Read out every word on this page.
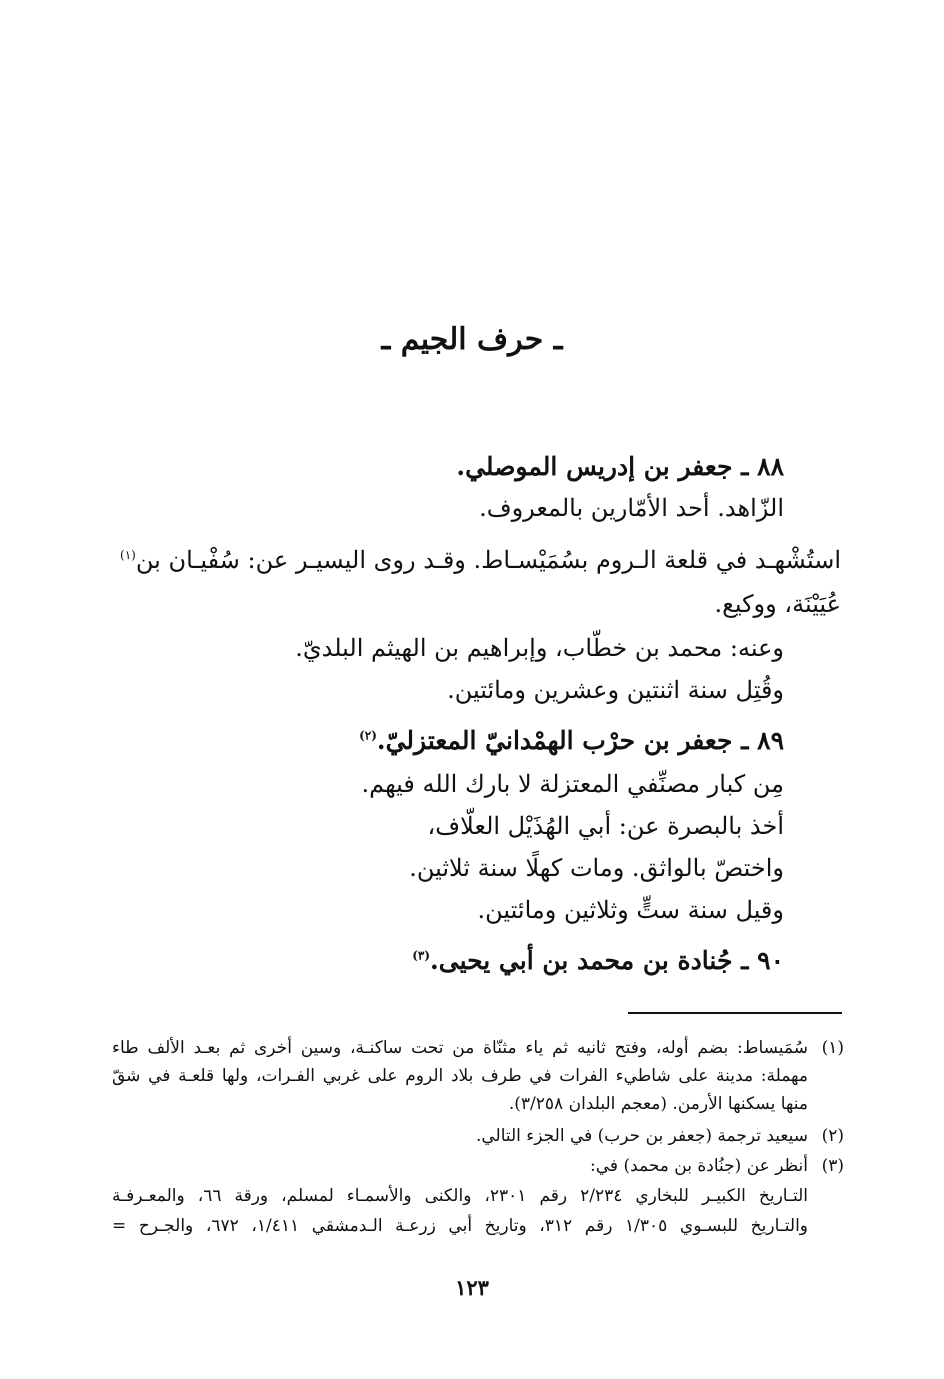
ـ حرف الجيم ـ
٨٨ ـ جعفر بن إدريس الموصلي.
الزّاهد. أحد الأمّارين بالمعروف.
استُشْهـد في قلعة الـروم بسُمَيْسـاط. وقـد روى اليسيـر عن: سُفْيـان بن$^{(١)}$
عُيَيْنَة، ووكيع.
وعنه: محمد بن خطّاب، وإبراهيم بن الهيثم البلديّ.
وقُتِل سنة اثنتين وعشرين ومائتين.
٨٩ ـ جعفر بن حرْب الهمْدانيّ المعتزليّ.$^{(٢)}$
مِن كبار مصنِّفي المعتزلة لا بارك الله فيهم.
أخذ بالبصرة عن: أبي الهُذَيْل العلّاف،
واختصّ بالواثق. ومات كهلًا سنة ثلاثين.
وقيل سنة ستٍّ وثلاثين ومائتين.
٩٠ ـ جُنادة بن محمد بن أبي يحيى.$^{(٣)}$
(١)
سُمَيساط: بضم أوله، وفتح ثانيه ثم ياء مثنّاة من تحت ساكنـة، وسين أخرى ثم بعـد الألف طاء
مهملة: مدينة على شاطيء الفرات في طرف بلاد الروم على غربي الفـرات، ولها قلعـة في شقّ
منها يسكنها الأرمن. (معجم البلدان ٣/٢٥٨).
(٢)
سيعيد ترجمة (جعفر بن حرب) في الجزء التالي.
(٣)
أنظر عن (جنُادة بن محمد) في:
التـاريخ الكبيـر للبخاري ٢/٢٣٤ رقم ٢٣٠١، والكنى والأسمـاء لمسلم، ورقة ٦٦، والمعـرفـة
والتـاريخ للبسـوي ١/٣٠٥ رقم ٣١٢، وتاريخ أبي زرعـة الـدمشقي ١/٤١١، ٦٧٢، والجـرح =
١٢٣
